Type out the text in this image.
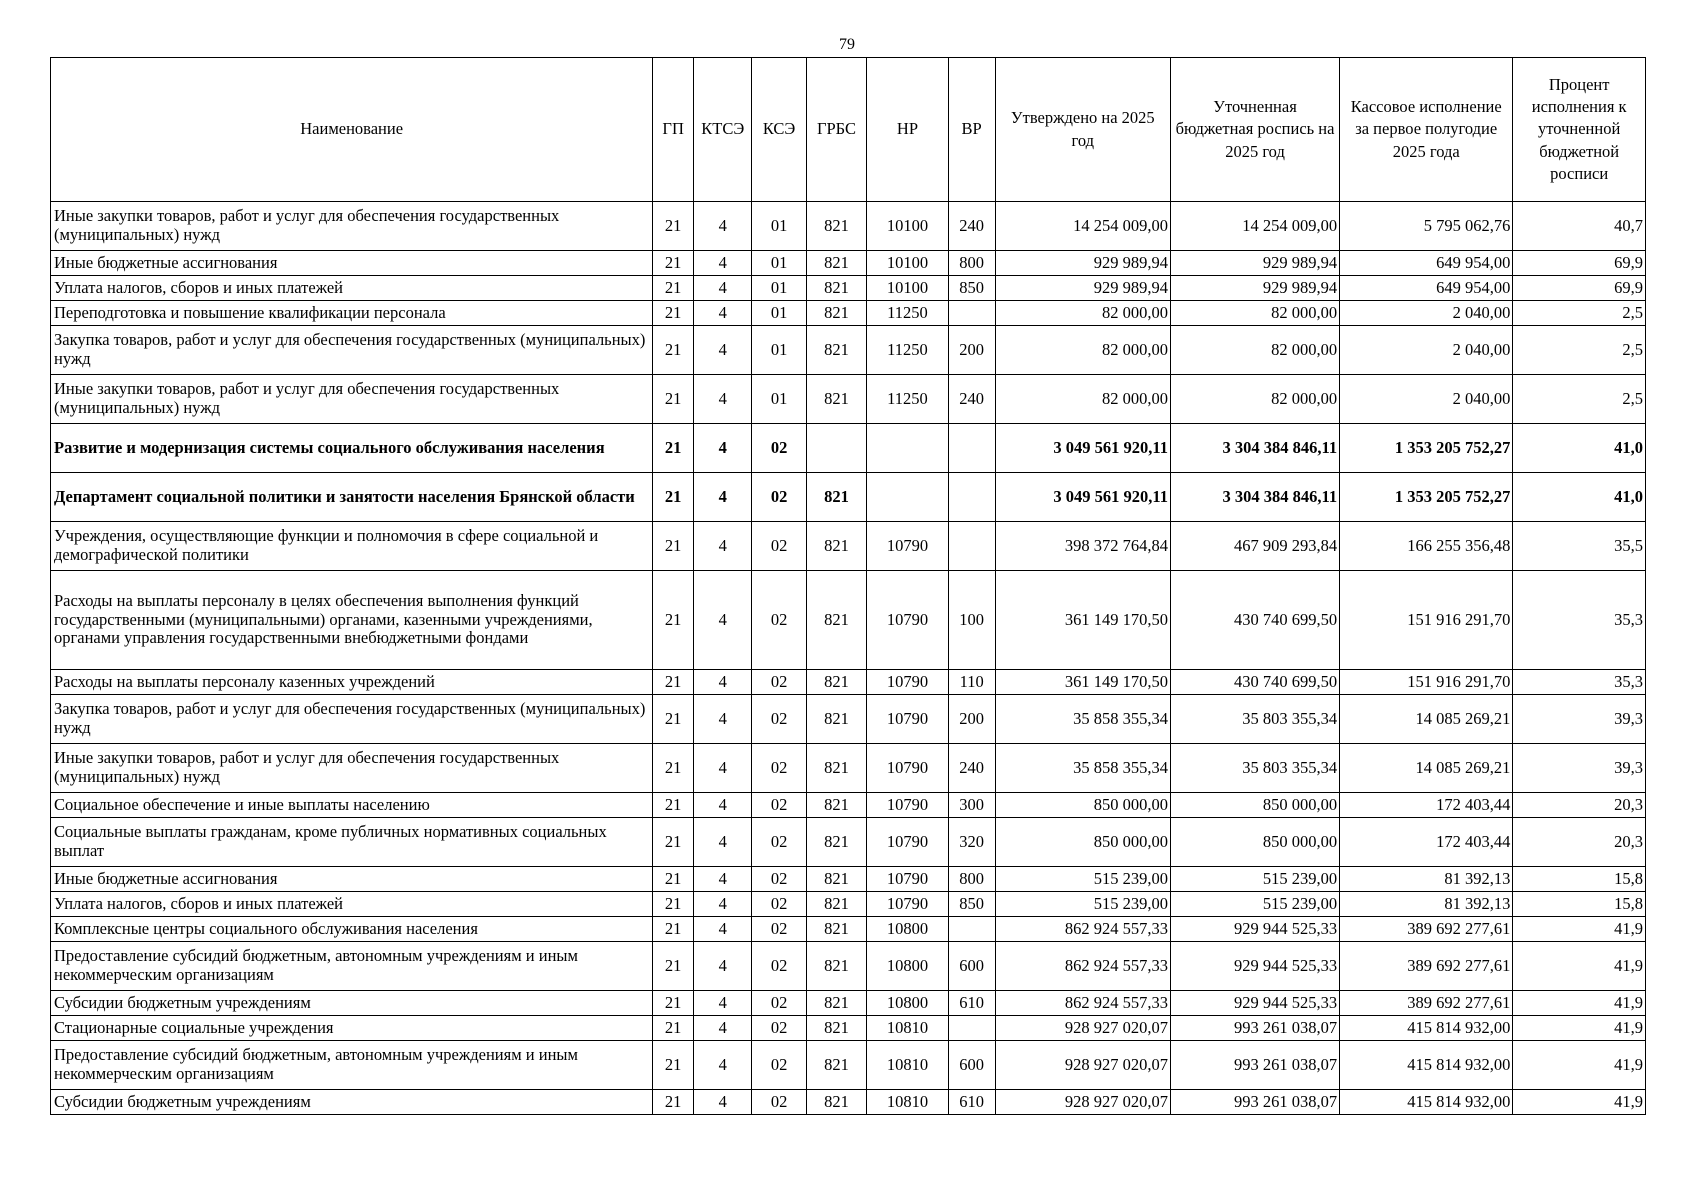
79
Наименование	ГП	КТСЭ	КСЭ	ГРБС	НР	ВР	Утверждено на 2025 год	Уточненная бюджетная роспись на 2025 год	Кассовое исполнение за первое полугодие 2025 года	Процент исполнения к уточненной бюджетной росписи
Иные закупки товаров, работ и услуг для обеспечения государственных (муниципальных) нужд	21	4	01	821	10100	240	14 254 009,00	14 254 009,00	5 795 062,76	40,7
Иные бюджетные ассигнования	21	4	01	821	10100	800	929 989,94	929 989,94	649 954,00	69,9
Уплата налогов, сборов и иных платежей	21	4	01	821	10100	850	929 989,94	929 989,94	649 954,00	69,9
Переподготовка и повышение квалификации персонала	21	4	01	821	11250		82 000,00	82 000,00	2 040,00	2,5
Закупка товаров, работ и услуг для обеспечения государственных (муниципальных) нужд	21	4	01	821	11250	200	82 000,00	82 000,00	2 040,00	2,5
Иные закупки товаров, работ и услуг для обеспечения государственных (муниципальных) нужд	21	4	01	821	11250	240	82 000,00	82 000,00	2 040,00	2,5
Развитие и модернизация системы социального обслуживания населения	21	4	02				3 049 561 920,11	3 304 384 846,11	1 353 205 752,27	41,0
Департамент социальной политики и занятости населения Брянской области	21	4	02	821			3 049 561 920,11	3 304 384 846,11	1 353 205 752,27	41,0
Учреждения, осуществляющие функции и полномочия в сфере социальной и демографической политики	21	4	02	821	10790		398 372 764,84	467 909 293,84	166 255 356,48	35,5
Расходы на выплаты персоналу в целях обеспечения выполнения функций государственными (муниципальными) органами, казенными учреждениями, органами управления государственными внебюджетными фондами	21	4	02	821	10790	100	361 149 170,50	430 740 699,50	151 916 291,70	35,3
Расходы на выплаты персоналу казенных учреждений	21	4	02	821	10790	110	361 149 170,50	430 740 699,50	151 916 291,70	35,3
Закупка товаров, работ и услуг для обеспечения государственных (муниципальных) нужд	21	4	02	821	10790	200	35 858 355,34	35 803 355,34	14 085 269,21	39,3
Иные закупки товаров, работ и услуг для обеспечения государственных (муниципальных) нужд	21	4	02	821	10790	240	35 858 355,34	35 803 355,34	14 085 269,21	39,3
Социальное обеспечение и иные выплаты населению	21	4	02	821	10790	300	850 000,00	850 000,00	172 403,44	20,3
Социальные выплаты гражданам, кроме публичных нормативных социальных выплат	21	4	02	821	10790	320	850 000,00	850 000,00	172 403,44	20,3
Иные бюджетные ассигнования	21	4	02	821	10790	800	515 239,00	515 239,00	81 392,13	15,8
Уплата налогов, сборов и иных платежей	21	4	02	821	10790	850	515 239,00	515 239,00	81 392,13	15,8
Комплексные центры социального обслуживания населения	21	4	02	821	10800		862 924 557,33	929 944 525,33	389 692 277,61	41,9
Предоставление субсидий бюджетным, автономным учреждениям и иным некоммерческим организациям	21	4	02	821	10800	600	862 924 557,33	929 944 525,33	389 692 277,61	41,9
Субсидии бюджетным учреждениям	21	4	02	821	10800	610	862 924 557,33	929 944 525,33	389 692 277,61	41,9
Стационарные социальные учреждения	21	4	02	821	10810		928 927 020,07	993 261 038,07	415 814 932,00	41,9
Предоставление субсидий бюджетным, автономным учреждениям и иным некоммерческим организациям	21	4	02	821	10810	600	928 927 020,07	993 261 038,07	415 814 932,00	41,9
Субсидии бюджетным учреждениям	21	4	02	821	10810	610	928 927 020,07	993 261 038,07	415 814 932,00	41,9
